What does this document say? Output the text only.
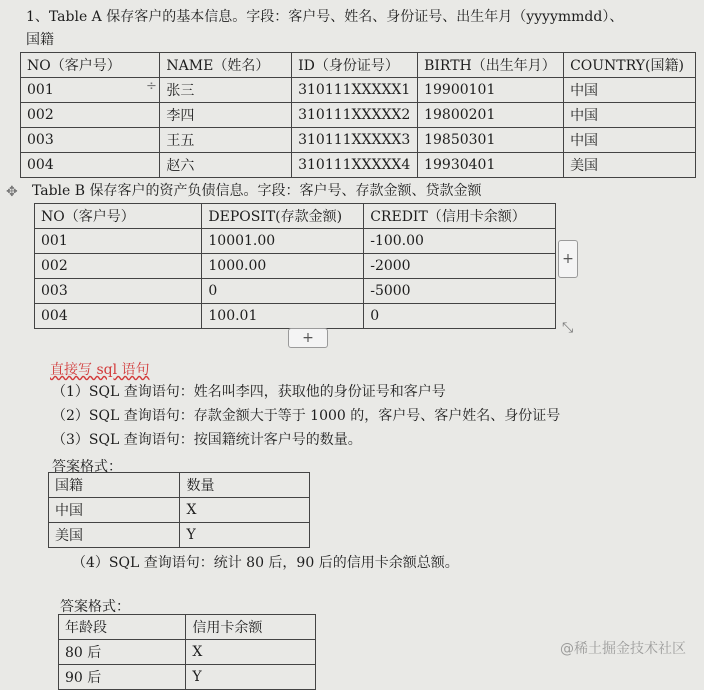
1、Table A 保存客户的基本信息。字段：客户号、姓名、身份证号、出生年月（yyyymmdd）、
国籍
NO（客户号）	NAME（姓名）	ID（身份证号）	BIRTH（出生年月）	COUNTRY(国籍)
001	张三	310111XXXXX1	19900101	中国
002	李四	310111XXXXX2	19800201	中国
003	王五	310111XXXXX3	19850301	中国
004	赵六	310111XXXXX4	19930401	美国
÷
✥ Table B 保存客户的资产负债信息。字段：客户号、存款金额、贷款金额
NO（客户号）	DEPOSIT(存款金额)	CREDIT（信用卡余额）
001	10001.00	-100.00
002	1000.00	-2000
003	0	-5000
004	100.01	0
+
+
⤡
直接写 sql 语句
（1）SQL 查询语句：姓名叫李四，获取他的身份证号和客户号
（2）SQL 查询语句：存款金额大于等于 1000 的，客户号、客户姓名、身份证号
（3）SQL 查询语句：按国籍统计客户号的数量。
答案格式：
国籍	数量
中国	X
美国	Y
（4）SQL 查询语句：统计 80 后，90 后的信用卡余额总额。
答案格式：
年龄段	信用卡余额
80 后	X
90 后	Y
@稀土掘金技术社区
